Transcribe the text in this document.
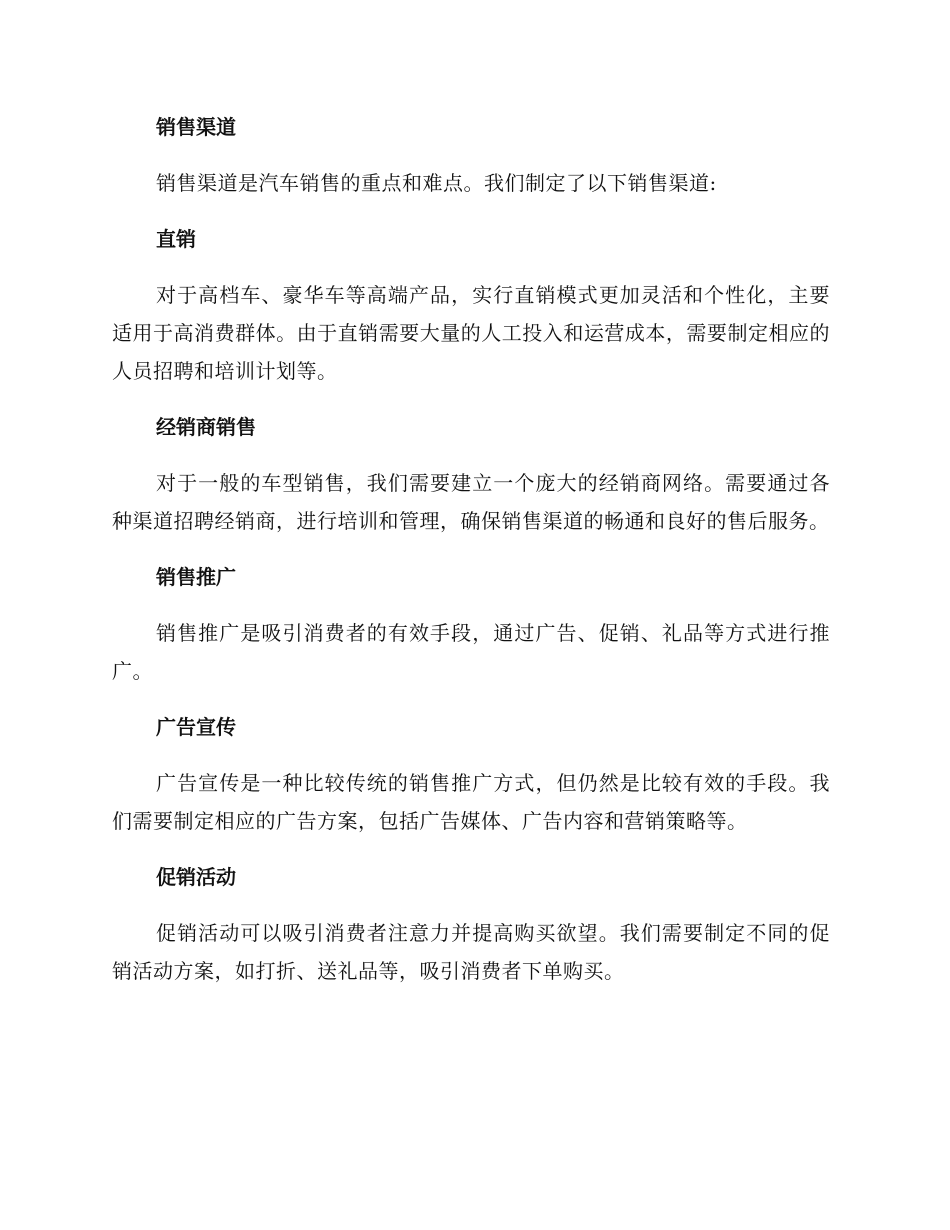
销售渠道

销售渠道是汽车销售的重点和难点。我们制定了以下销售渠道:

直销

对于高档车、豪华车等高端产品，实行直销模式更加灵活和个性化，主要适用于高消费群体。由于直销需要大量的人工投入和运营成本，需要制定相应的人员招聘和培训计划等。

经销商销售

对于一般的车型销售，我们需要建立一个庞大的经销商网络。需要通过各种渠道招聘经销商，进行培训和管理，确保销售渠道的畅通和良好的售后服务。

销售推广

销售推广是吸引消费者的有效手段，通过广告、促销、礼品等方式进行推广。

广告宣传

广告宣传是一种比较传统的销售推广方式，但仍然是比较有效的手段。我们需要制定相应的广告方案，包括广告媒体、广告内容和营销策略等。

促销活动

促销活动可以吸引消费者注意力并提高购买欲望。我们需要制定不同的促销活动方案，如打折、送礼品等，吸引消费者下单购买。
